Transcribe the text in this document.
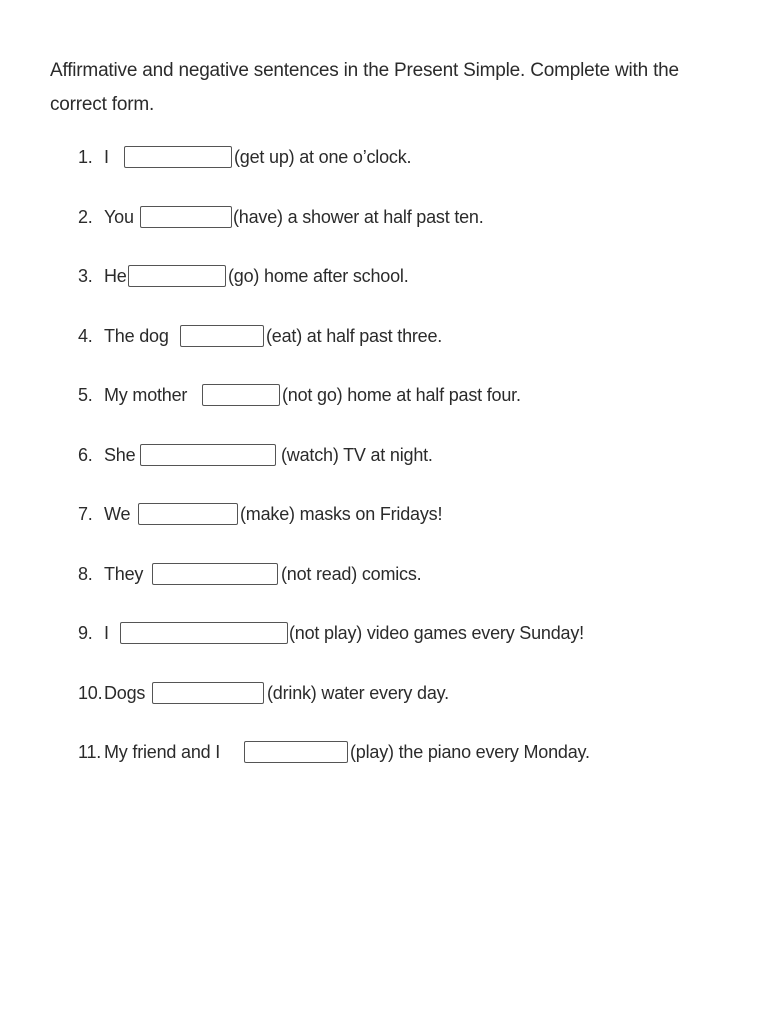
Affirmative and negative sentences in the Present Simple. Complete with the correct form.
1. I	(get up) at one o’clock.
2. You	(have) a shower at half past ten.
3. He	(go) home after school.
4. The dog	(eat) at half past three.
5. My mother	(not go) home at half past four.
6. She	(watch) TV at night.
7. We	(make) masks on Fridays!
8. They	(not read) comics.
9. I	(not play) video games every Sunday!
10. Dogs	(drink) water every day.
11. My friend and I	(play) the piano every Monday.
